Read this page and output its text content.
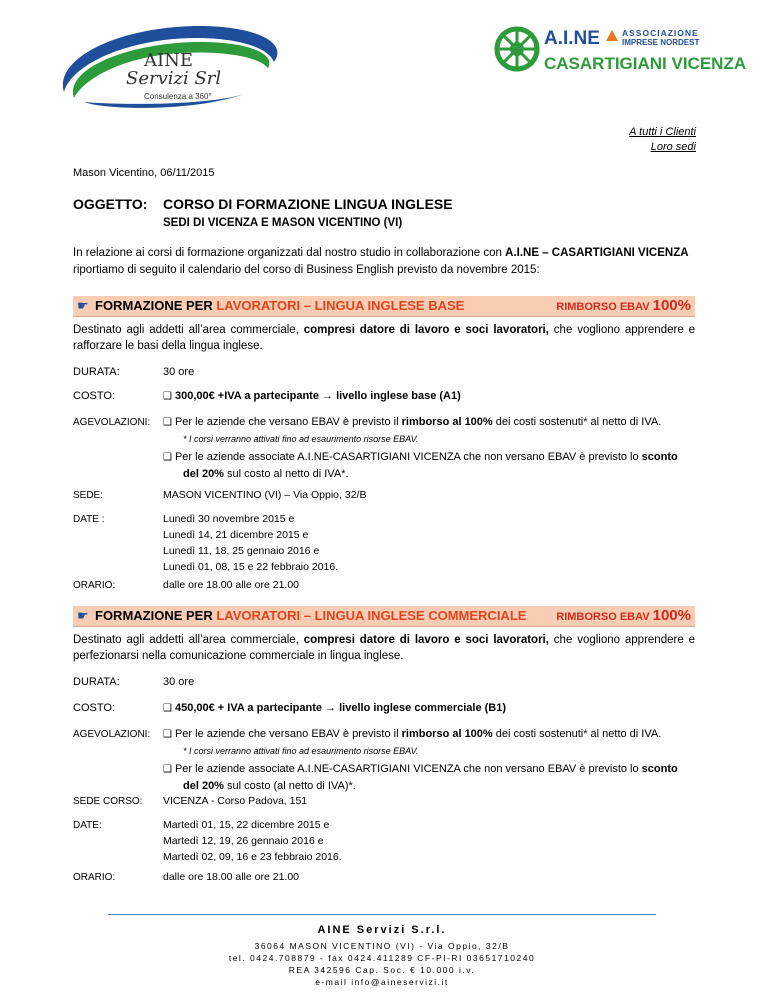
AINE
Servizi Srl
Consulenza a 360°
A.I.NE	ASSOCIAZIONE
IMPRESE NORDEST
CASARTIGIANI VICENZA
A tutti i Clienti
Loro sedi
Mason Vicentino, 06/11/2015
OGGETTO: CORSO DI FORMAZIONE LINGUA INGLESE
SEDI DI VICENZA E MASON VICENTINO (VI)
In relazione ai corsi di formazione organizzati dal nostro studio in collaborazione con A.I.NE – CASARTIGIANI VICENZA riportiamo di seguito il calendario del corso di Business English previsto da novembre 2015:
☛ FORMAZIONE PER LAVORATORI – LINGUA INGLESE BASE	RIMBORSO EBAV 100%
Destinato agli addetti all’area commerciale, compresi datore di lavoro e soci lavoratori, che vogliono apprendere e rafforzare le basi della lingua inglese.
DURATA:	30 ore
COSTO:	❑ 300,00€ +IVA a partecipante → livello inglese base (A1)
AGEVOLAZIONI: ❑ Per le aziende che versano EBAV è previsto il rimborso al 100% dei costi sostenuti* al netto di IVA.
* I corsi verranno attivati fino ad esaurimento risorse EBAV.
❑ Per le aziende associate A.I.NE-CASARTIGIANI VICENZA che non versano EBAV è previsto lo sconto
del 20% sul costo al netto di IVA*.
SEDE:	MASON VICENTINO (VI) – Via Oppio, 32/B
DATE :	Lunedì 30 novembre 2015 e
Lunedì 14, 21 dicembre 2015 e
Lunedì 11, 18, 25 gennaio 2016 e
Lunedì 01, 08, 15 e 22 febbraio 2016.
ORARIO:	dalle ore 18.00 alle ore 21.00
☛ FORMAZIONE PER LAVORATORI – LINGUA INGLESE COMMERCIALE	RIMBORSO EBAV 100%
Destinato agli addetti all’area commerciale, compresi datore di lavoro e soci lavoratori, che vogliono apprendere e perfezionarsi nella comunicazione commerciale in lingua inglese.
DURATA:	30 ore
COSTO:	❑ 450,00€ + IVA a partecipante → livello inglese commerciale (B1)
AGEVOLAZIONI: ❑ Per le aziende che versano EBAV è previsto il rimborso al 100% dei costi sostenuti* al netto di IVA.
* I corsi verranno attivati fino ad esaurimento risorse EBAV.
❑ Per le aziende associate A.I.NE-CASARTIGIANI VICENZA che non versano EBAV è previsto lo sconto
del 20% sul costo (al netto di IVA)*.
SEDE CORSO: VICENZA - Corso Padova, 151
DATE:	Martedì 01, 15, 22 dicembre 2015 e
Martedì 12, 19, 26 gennaio 2016 e
Martedì 02, 09, 16 e 23 febbraio 2016.
ORARIO:	dalle ore 18.00 alle ore 21.00
AINE Servizi S.r.l.
36064 MASON VICENTINO (VI) - Via Oppio, 32/B
tel. 0424.708879 - fax 0424.411289 CF-PI-RI 03651710240
REA 342596 Cap. Soc. € 10.000 i.v.
e-mail info@aineservizi.it
